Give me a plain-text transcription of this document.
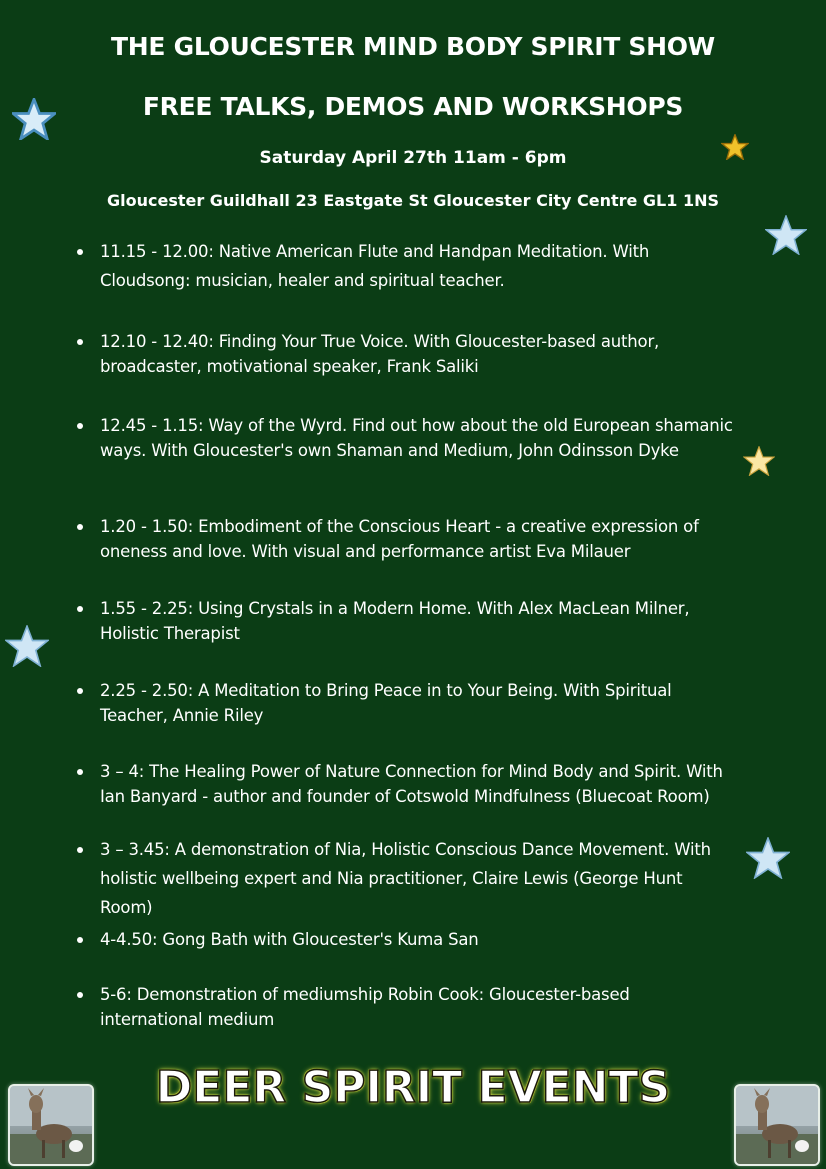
THE GLOUCESTER MIND BODY SPIRIT SHOW
FREE TALKS, DEMOS AND WORKSHOPS
Saturday April 27th 11am - 6pm
Gloucester Guildhall 23 Eastgate St Gloucester City Centre GL1 1NS
11.15 - 12.00: Native American Flute and Handpan Meditation. With
Cloudsong: musician, healer and spiritual teacher.
12.10 - 12.40: Finding Your True Voice. With Gloucester-based author,
broadcaster, motivational speaker, Frank Saliki
12.45 - 1.15: Way of the Wyrd. Find out how about the old European shamanic
ways. With Gloucester's own Shaman and Medium, John Odinsson Dyke
1.20 - 1.50: Embodiment of the Conscious Heart - a creative expression of
oneness and love. With visual and performance artist Eva Milauer
1.55 - 2.25: Using Crystals in a Modern Home. With Alex MacLean Milner,
Holistic Therapist
2.25 - 2.50: A Meditation to Bring Peace in to Your Being. With Spiritual
Teacher, Annie Riley
3 – 4: The Healing Power of Nature Connection for Mind Body and Spirit. With
Ian Banyard - author and founder of Cotswold Mindfulness (Bluecoat Room)
3 – 3.45: A demonstration of Nia, Holistic Conscious Dance Movement. With
holistic wellbeing expert and Nia practitioner, Claire Lewis (George Hunt
Room)
4-4.50: Gong Bath with Gloucester's Kuma San
5-6: Demonstration of mediumship Robin Cook: Gloucester-based
international medium
DEER SPIRIT EVENTS
